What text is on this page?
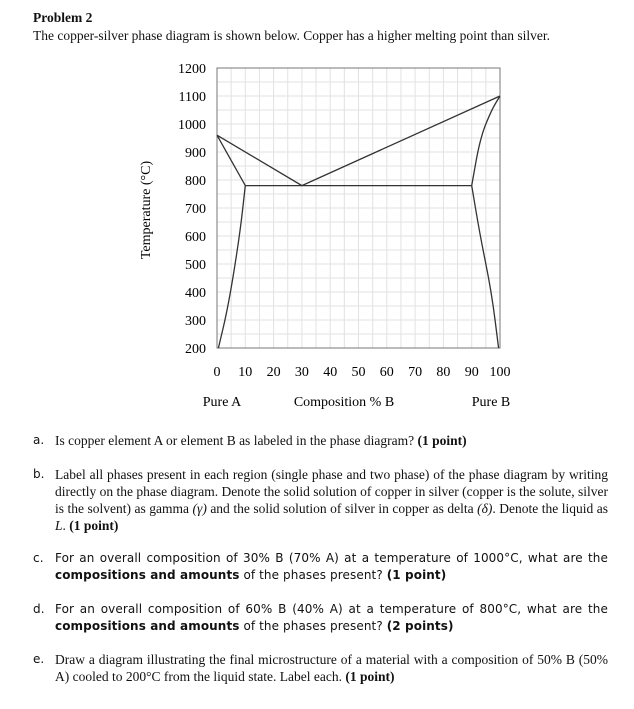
Problem 2
The copper-silver phase diagram is shown below. Copper has a higher melting point than silver.
1200
1100
1000
900
800
700
600
500
400
300
200
0 10 20 30 40 50 60 70 80 90 100
Temperature (°C)
Pure A	Composition % B	Pure B
a. Is copper element A or element B as labeled in the phase diagram? (1 point)
b. Label all phases present in each region (single phase and two phase) of the phase diagram by writing directly on the phase diagram. Denote the solid solution of copper in silver (copper is the solute, silver is the solvent) as gamma (γ) and the solid solution of silver in copper as delta (δ). Denote the liquid as L. (1 point)
c. For an overall composition of 30% B (70% A) at a temperature of 1000°C, what are the compositions and amounts of the phases present? (1 point)
d. For an overall composition of 60% B (40% A) at a temperature of 800°C, what are the compositions and amounts of the phases present? (2 points)
e. Draw a diagram illustrating the final microstructure of a material with a composition of 50% B (50% A) cooled to 200°C from the liquid state. Label each. (1 point)
